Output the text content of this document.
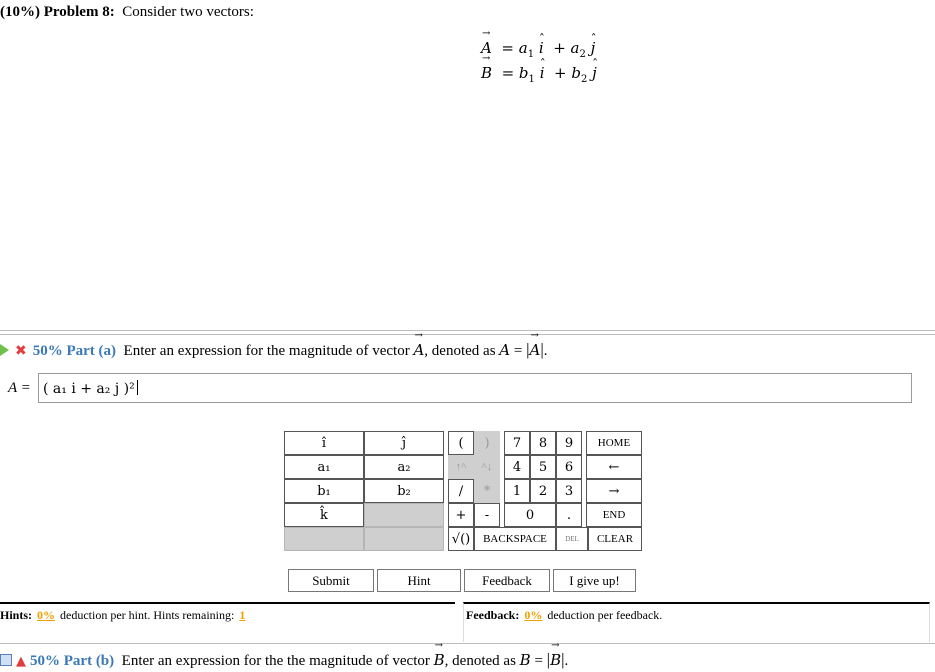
(10%) Problem 8: Consider two vectors:
→ $A = a_1$ ˆ $i + a_2$ ˆ j
→ $B = b_1$ ˆ $i + b_2$ ˆ j
✖ 50% Part (a) Enter an expression for the magnitude of vector → A, denoted as A = |→ A|.
A = ( a₁ i + a₂ j )²
î	ĵ
a₁	a₂
b₁	b₂
k̂
(	)
↑^	^↓
/	*
+	-
√()
7	8	9
4	5	6
1	2	3
0	.
BACKSPACE	DEL
HOME
←
→
END
CLEAR
Submit	Hint	Feedback	I give up!
Hints: 0% deduction per hint. Hints remaining: 1	Feedback: 0% deduction per feedback.
▲ 50% Part (b) Enter an expression for the the magnitude of vector → B, denoted as B = |→ B|.
